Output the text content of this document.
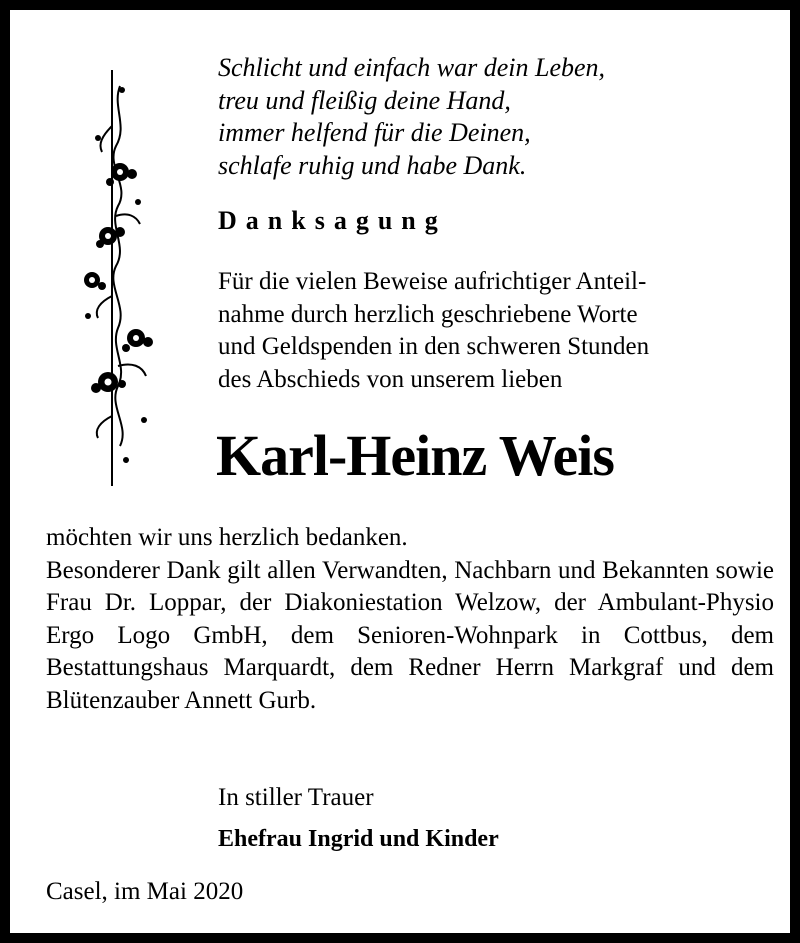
Schlicht und einfach war dein Leben,
treu und fleißig deine Hand,
immer helfend für die Deinen,
schlafe ruhig und habe Dank.
Danksagung
Für die vielen Beweise aufrichtiger Anteil-
nahme durch herzlich geschriebene Worte
und Geldspenden in den schweren Stunden
des Abschieds von unserem lieben
Karl-Heinz Weis
möchten wir uns herzlich bedanken.
Besonderer Dank gilt allen Verwandten, Nachbarn und Bekannten sowie Frau Dr. Loppar, der Diakoniestation Welzow, der Ambulant-Physio Ergo Logo GmbH, dem Senioren-Wohnpark in Cottbus, dem Bestattungshaus Marquardt, dem Redner Herrn Markgraf und dem Blütenzauber Annett Gurb.
In stiller Trauer
Ehefrau Ingrid und Kinder
Casel, im Mai 2020
